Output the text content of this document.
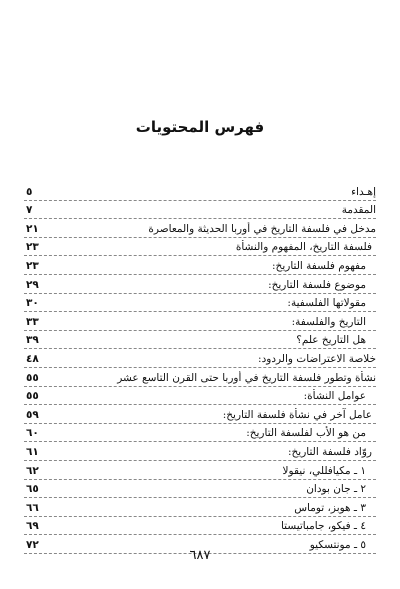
فهرس المحتويات
إهـداء
٥
المقدمة
٧
مدخل في فلسفة التاريخ في أوربا الحديثة والمعاصرة
٢١
فلسفة التاريخ، المفهوم والنشأة
٢٣
مفهوم فلسفة التاريخ:
٢٣
موضوع فلسفة التاريخ:
٢٩
مقولاتها الفلسفية:
٣٠
التاريخ والفلسفة:
٣٣
هل التاريخ علم؟
٣٩
خلاصة الاعتراضات والردود:
٤٨
نشأة وتطور فلسفة التاريخ في أوربا حتى القرن التاسع عشر
٥٥
عوامل النشأة:
٥٥
عامل آخر في نشأة فلسفة التاريخ:
٥٩
من هو الأب لفلسفة التاريخ:
٦٠
روّاد فلسفة التاريخ:
٦١
١ ـ مكيافللي، نيقولا
٦٢
٢ ـ جان بودان
٦٥
٣ ـ هوبز، توماس
٦٦
٤ ـ فيكو، جامباتيستا
٦٩
٥ ـ مونتسكيو
٧٢
٦٨٧
